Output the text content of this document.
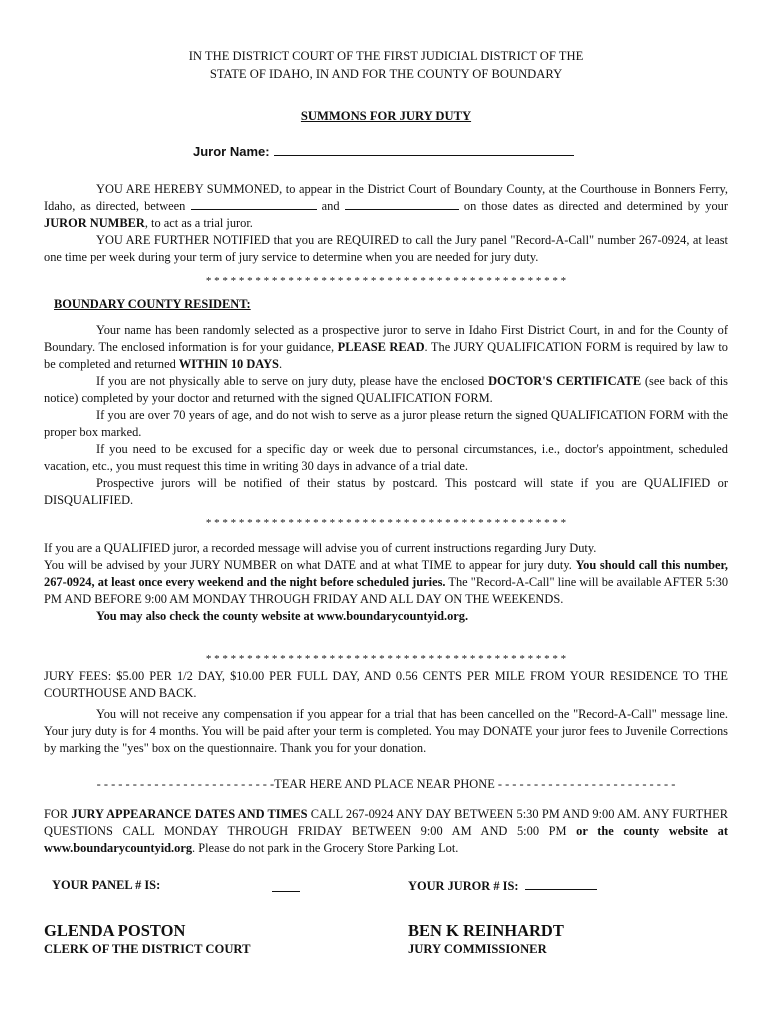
IN THE DISTRICT COURT OF THE FIRST JUDICIAL DISTRICT OF THE
STATE OF IDAHO, IN AND FOR THE COUNTY OF BOUNDARY
SUMMONS FOR JURY DUTY
Juror Name:

YOU ARE HEREBY SUMMONED, to appear in the District Court of Boundary County, at the Courthouse in Bonners Ferry, Idaho, as directed, between	and	on those dates as directed and determined by your JUROR NUMBER, to act as a trial juror.

YOU ARE FURTHER NOTIFIED that you are REQUIRED to call the Jury panel "Record-A-Call" number 267-0924, at least one time per week during your term of jury service to determine when you are needed for jury duty.

* * * * * * * * * * * * * * * * * * * * * * * * * * * * * * * * * * * * * * * * * * * *
BOUNDARY COUNTY RESIDENT:

Your name has been randomly selected as a prospective juror to serve in Idaho First District Court, in and for the County of Boundary. The enclosed information is for your guidance, PLEASE READ. The JURY QUALIFICATION FORM is required by law to be completed and returned WITHIN 10 DAYS.

If you are not physically able to serve on jury duty, please have the enclosed DOCTOR'S CERTIFICATE (see back of this notice) completed by your doctor and returned with the signed QUALIFICATION FORM.

If you are over 70 years of age, and do not wish to serve as a juror please return the signed QUALIFICATION FORM with the proper box marked.

If you need to be excused for a specific day or week due to personal circumstances, i.e., doctor's appointment, scheduled vacation, etc., you must request this time in writing 30 days in advance of a trial date.

Prospective jurors will be notified of their status by postcard. This postcard will state if you are QUALIFIED or DISQUALIFIED.

* * * * * * * * * * * * * * * * * * * * * * * * * * * * * * * * * * * * * * * * * * * *

If you are a QUALIFIED juror, a recorded message will advise you of current instructions regarding Jury Duty.

You will be advised by your JURY NUMBER on what DATE and at what TIME to appear for jury duty. You should call this number, 267-0924, at least once every weekend and the night before scheduled juries. The "Record-A-Call" line will be available AFTER 5:30 PM AND BEFORE 9:00 AM MONDAY THROUGH FRIDAY AND ALL DAY ON THE WEEKENDS.

You may also check the county website at www.boundarycountyid.org.

* * * * * * * * * * * * * * * * * * * * * * * * * * * * * * * * * * * * * * * * * * * *

JURY FEES: $5.00 PER 1/2 DAY, $10.00 PER FULL DAY, AND 0.56 CENTS PER MILE FROM YOUR RESIDENCE TO THE COURTHOUSE AND BACK.

You will not receive any compensation if you appear for a trial that has been cancelled on the "Record-A-Call" message line. Your jury duty is for 4 months. You will be paid after your term is completed. You may DONATE your juror fees to Juvenile Corrections by marking the "yes" box on the questionnaire. Thank you for your donation.

- - - - - - - - - - - - - - - - - - - - - - - - -TEAR HERE AND PLACE NEAR PHONE - - - - - - - - - - - - - - - - - - - - - - - - -

FOR JURY APPEARANCE DATES AND TIMES CALL 267-0924 ANY DAY BETWEEN 5:30 PM AND 9:00 AM. ANY FURTHER QUESTIONS CALL MONDAY THROUGH FRIDAY BETWEEN 9:00 AM AND 5:00 PM or the county website at www.boundarycountyid.org. Please do not park in the Grocery Store Parking Lot.

YOUR PANEL # IS:	YOUR JUROR # IS:
GLENDA POSTON
CLERK OF THE DISTRICT COURT
BEN K REINHARDT
JURY COMMISSIONER
